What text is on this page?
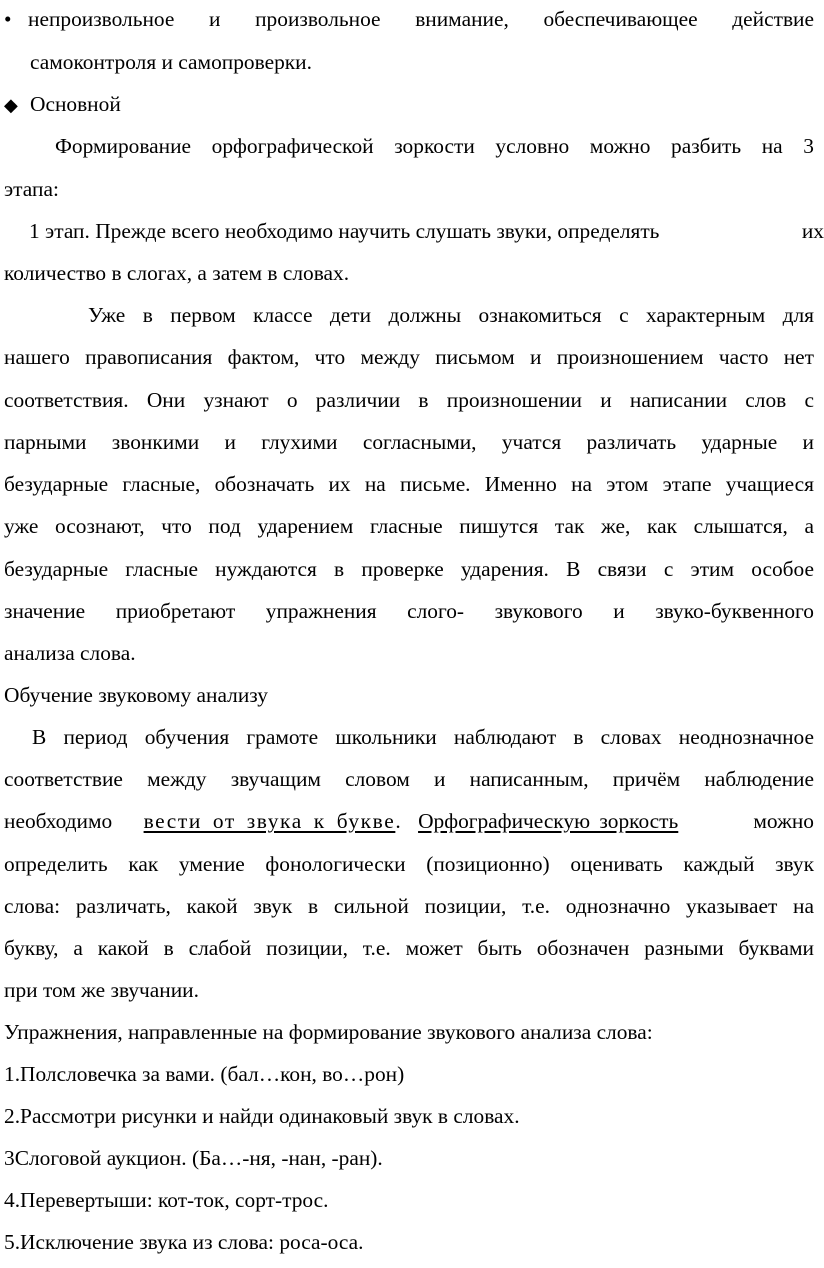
• непроизвольное и произвольное внимание, обеспечивающее действие
самоконтроля и самопроверки.
◆ Основной
Формирование орфографической зоркости условно можно разбить на 3
этапа:
1 этап. Прежде всего необходимо научить слушать звуки, определять	их
количество в слогах, а затем в словах.
Уже в первом классе дети должны ознакомиться с характерным для
нашего правописания фактом, что между письмом и произношением часто нет
соответствия. Они узнают о различии в произношении и написании слов с
парными звонкими и глухими согласными, учатся различать ударные и
безударные гласные, обозначать их на письме. Именно на этом этапе учащиеся
уже осознают, что под ударением гласные пишутся так же, как слышатся, а
безударные гласные нуждаются в проверке ударения. В связи с этим особое
значение приобретают упражнения слого- звукового и звуко-буквенного
анализа слова.
Обучение звуковому анализу
В период обучения грамоте школьники наблюдают в словах неоднозначное
соответствие между звучащим словом и написанным, причём наблюдение
необходимо вести от звука к букве. Орфографическую зоркость	можно
определить как умение фонологически (позиционно) оценивать каждый звук
слова: различать, какой звук в сильной позиции, т.е. однозначно указывает на
букву, а какой в слабой позиции, т.е. может быть обозначен разными буквами
при том же звучании.
Упражнения, направленные на формирование звукового анализа слова:
1.Полсловечка за вами. (бал…кон, во…рон)
2.Рассмотри рисунки и найди одинаковый звук в словах.
3Слоговой аукцион. (Ба…-ня, -нан, -ран).
4.Перевертыши: кот-ток, сорт-трос.
5.Исключение звука из слова: роса-оса.
